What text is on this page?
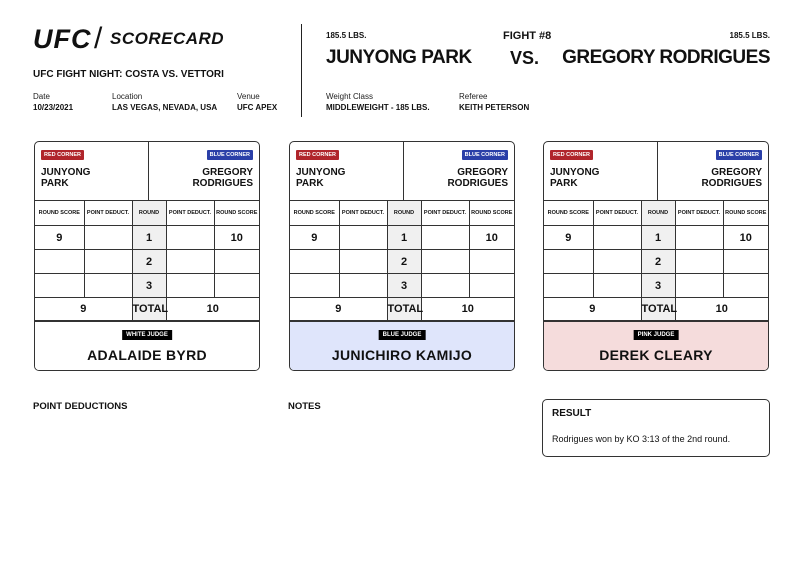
UFC / SCORECARD
UFC FIGHT NIGHT: COSTA VS. VETTORI
Date
10/23/2021
Location
LAS VEGAS, NEVADA, USA
Venue
UFC APEX
185.5 LBS.	185.5 LBS.
FIGHT #8
JUNYONG PARK VS. GREGORY RODRIGUES
Weight Class
MIDDLEWEIGHT - 185 LBS.
Referee
KEITH PETERSON
RED CORNER
JUNYONG
PARK
BLUE CORNER
GREGORY
RODRIGUES
ROUND SCORE	POINT DEDUCT.	ROUND	POINT DEDUCT.	ROUND SCORE
9		1		10
		2		
		3		
9		TOTAL	10	
WHITE JUDGE
ADALAIDE BYRD
RED CORNER
JUNYONG
PARK
BLUE CORNER
GREGORY
RODRIGUES
ROUND SCORE	POINT DEDUCT.	ROUND	POINT DEDUCT.	ROUND SCORE
9		1		10
		2		
		3		
9		TOTAL	10	
BLUE JUDGE
JUNICHIRO KAMIJO
RED CORNER
JUNYONG
PARK
BLUE CORNER
GREGORY
RODRIGUES
ROUND SCORE	POINT DEDUCT.	ROUND	POINT DEDUCT.	ROUND SCORE
9		1		10
		2		
		3		
9		TOTAL	10	
PINK JUDGE
DEREK CLEARY
POINT DEDUCTIONS	NOTES
RESULT
Rodrigues won by KO 3:13 of the 2nd round.
